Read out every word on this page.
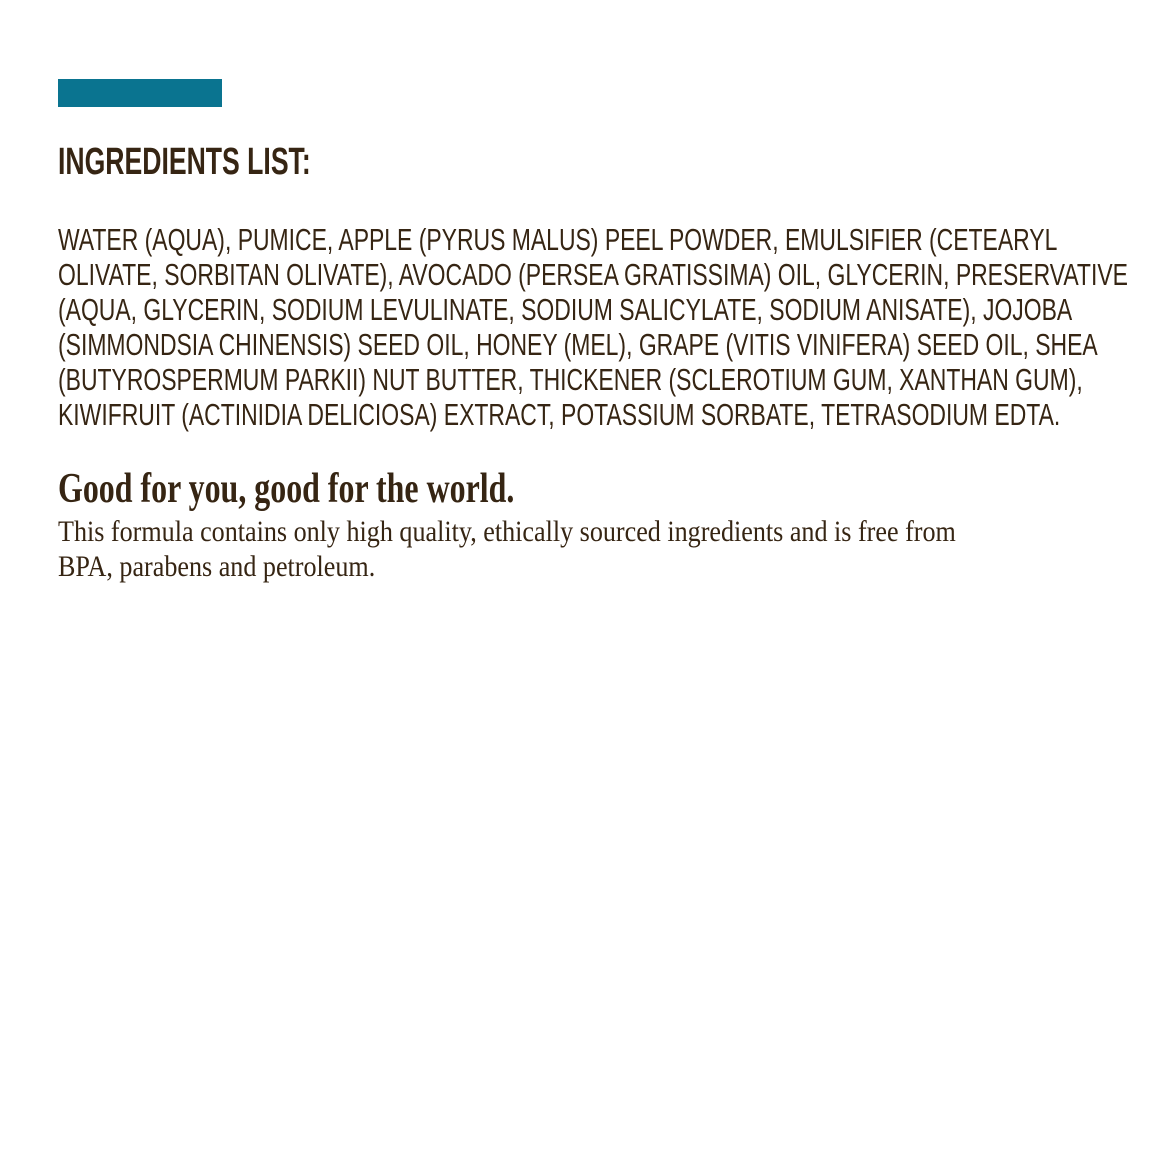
INGREDIENTS LIST:
WATER (AQUA), PUMICE, APPLE (PYRUS MALUS) PEEL POWDER, EMULSIFIER (CETEARYL
OLIVATE, SORBITAN OLIVATE), AVOCADO (PERSEA GRATISSIMA) OIL, GLYCERIN, PRESERVATIVE
(AQUA, GLYCERIN, SODIUM LEVULINATE, SODIUM SALICYLATE, SODIUM ANISATE), JOJOBA
(SIMMONDSIA CHINENSIS) SEED OIL, HONEY (MEL), GRAPE (VITIS VINIFERA) SEED OIL, SHEA
(BUTYROSPERMUM PARKII) NUT BUTTER, THICKENER (SCLEROTIUM GUM, XANTHAN GUM),
KIWIFRUIT (ACTINIDIA DELICIOSA) EXTRACT, POTASSIUM SORBATE, TETRASODIUM EDTA.
Good for you, good for the world.
This formula contains only high quality, ethically sourced ingredients and is free from
BPA, parabens and petroleum.
